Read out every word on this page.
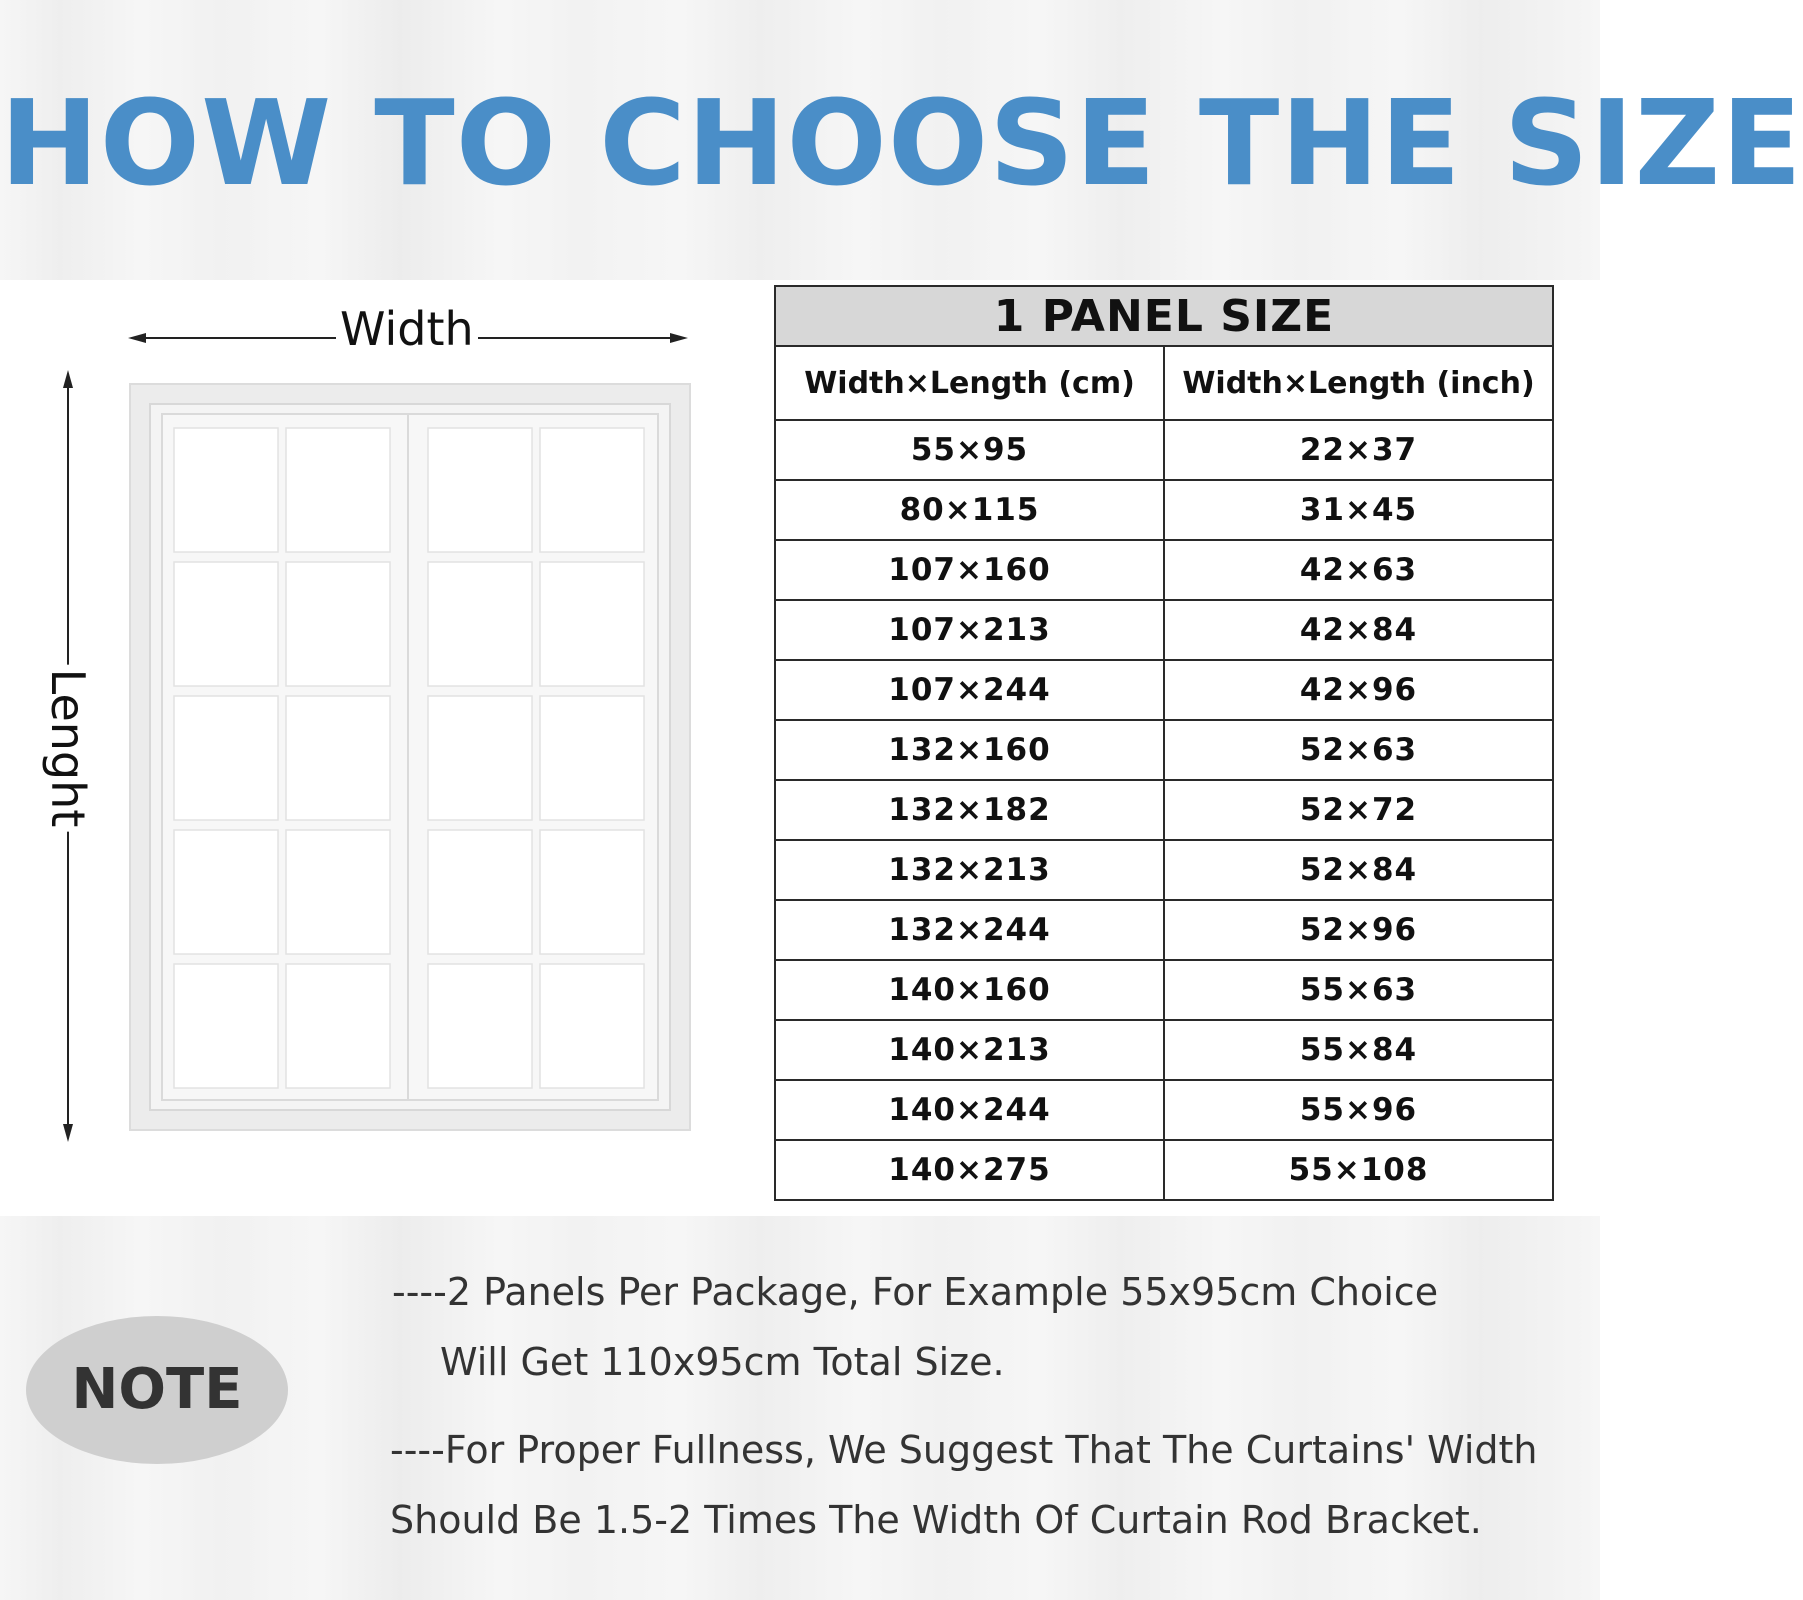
HOW TO CHOOSE THE SIZE
Width
Lenght
1 PANEL SIZE	
Width×Length (cm)	Width×Length (inch)
55×95	22×37
80×115	31×45
107×160	42×63
107×213	42×84
107×244	42×96
132×160	52×63
132×182	52×72
132×213	52×84
132×244	52×96
140×160	55×63
140×213	55×84
140×244	55×96
140×275	55×108
NOTE
----2 Panels Per Package, For Example 55x95cm Choice
Will Get 110x95cm Total Size.
----For Proper Fullness, We Suggest That The Curtains' Width
Should Be 1.5-2 Times The Width Of Curtain Rod Bracket.
